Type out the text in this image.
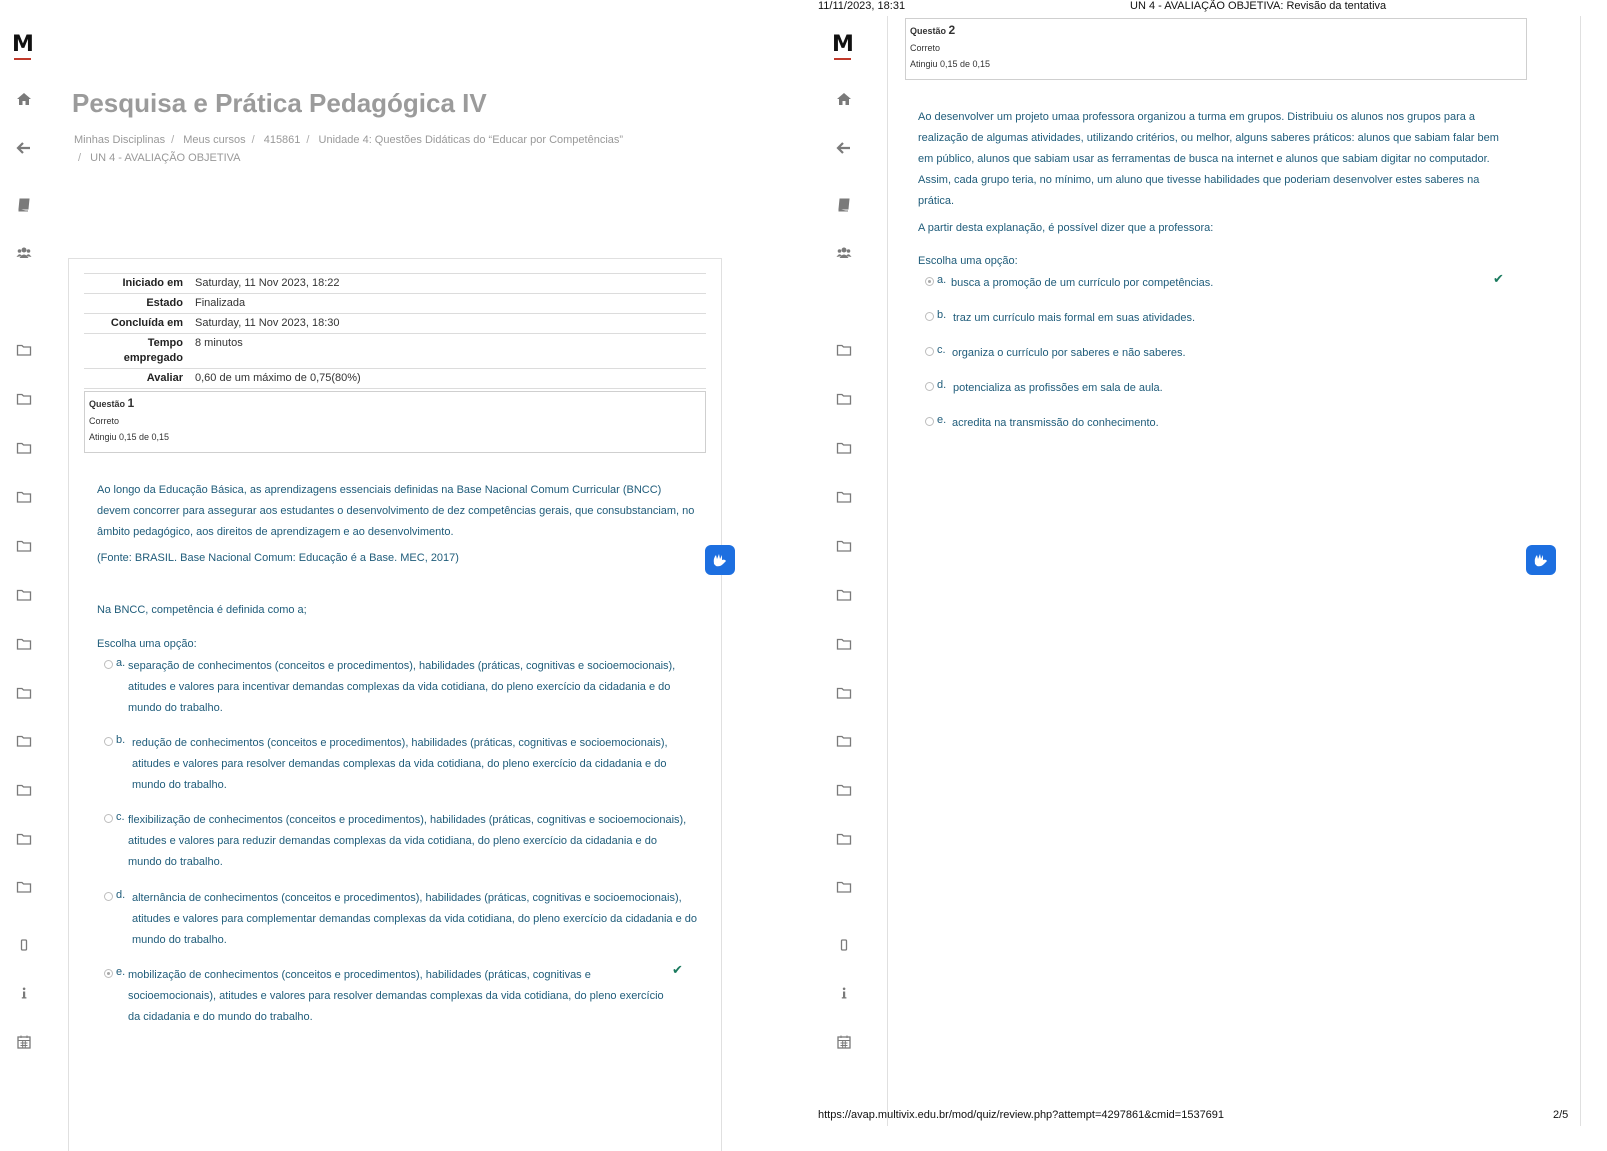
M
Pesquisa e Prática Pedagógica IV
Minhas Disciplinas / Meus cursos / 415861 / Unidade 4: Questões Didáticas do “Educar por Competências”
/ UN 4 - AVALIAÇÃO OBJETIVA
Iniciado em	Saturday, 11 Nov 2023, 18:22
Estado	Finalizada
Concluída em	Saturday, 11 Nov 2023, 18:30
Tempo empregado	8 minutos
Avaliar	0,60 de um máximo de 0,75(80%)
Questão 1
Correto
Atingiu 0,15 de 0,15

Ao longo da Educação Básica, as aprendizagens essenciais definidas na Base Nacional Comum Curricular (BNCC) devem concorrer para assegurar aos estudantes o desenvolvimento de dez competências gerais, que consubstanciam, no âmbito pedagógico, aos direitos de aprendizagem e ao desenvolvimento.

(Fonte: BRASIL. Base Nacional Comum: Educação é a Base. MEC, 2017)

Na BNCC, competência é definida como a;
Escolha uma opção:
a. separação de conhecimentos (conceitos e procedimentos), habilidades (práticas, cognitivas e socioemocionais), atitudes e valores para incentivar demandas complexas da vida cotidiana, do pleno exercício da cidadania e do mundo do trabalho.
b. redução de conhecimentos (conceitos e procedimentos), habilidades (práticas, cognitivas e socioemocionais), atitudes e valores para resolver demandas complexas da vida cotidiana, do pleno exercício da cidadania e do mundo do trabalho.
c. flexibilização de conhecimentos (conceitos e procedimentos), habilidades (práticas, cognitivas e socioemocionais), atitudes e valores para reduzir demandas complexas da vida cotidiana, do pleno exercício da cidadania e do mundo do trabalho.
d. alternância de conhecimentos (conceitos e procedimentos), habilidades (práticas, cognitivas e socioemocionais), atitudes e valores para complementar demandas complexas da vida cotidiana, do pleno exercício da cidadania e do mundo do trabalho.
e. mobilização de conhecimentos (conceitos e procedimentos), habilidades (práticas, cognitivas e socioemocionais), atitudes e valores para resolver demandas complexas da vida cotidiana, do pleno exercício da cidadania e do mundo do trabalho.
✔
11/11/2023, 18:31	UN 4 - AVALIAÇÃO OBJETIVA: Revisão da tentativa
M
Questão 2
Correto
Atingiu 0,15 de 0,15
Ao desenvolver um projeto umaa professora organizou a turma em grupos. Distribuiu os alunos nos grupos para a realização de algumas atividades, utilizando critérios, ou melhor, alguns saberes práticos: alunos que sabiam falar bem em público, alunos que sabiam usar as ferramentas de busca na internet e alunos que sabiam digitar no computador. Assim, cada grupo teria, no mínimo, um aluno que tivesse habilidades que poderiam desenvolver estes saberes na prática.
A partir desta explanação, é possível dizer que a professora:
Escolha uma opção:
a. busca a promoção de um currículo por competências.	✔
b. traz um currículo mais formal em suas atividades.
c. organiza o currículo por saberes e não saberes.
d. potencializa as profissões em sala de aula.
e. acredita na transmissão do conhecimento.
https://avap.multivix.edu.br/mod/quiz/review.php?attempt=4297861&cmid=1537691	2/5
